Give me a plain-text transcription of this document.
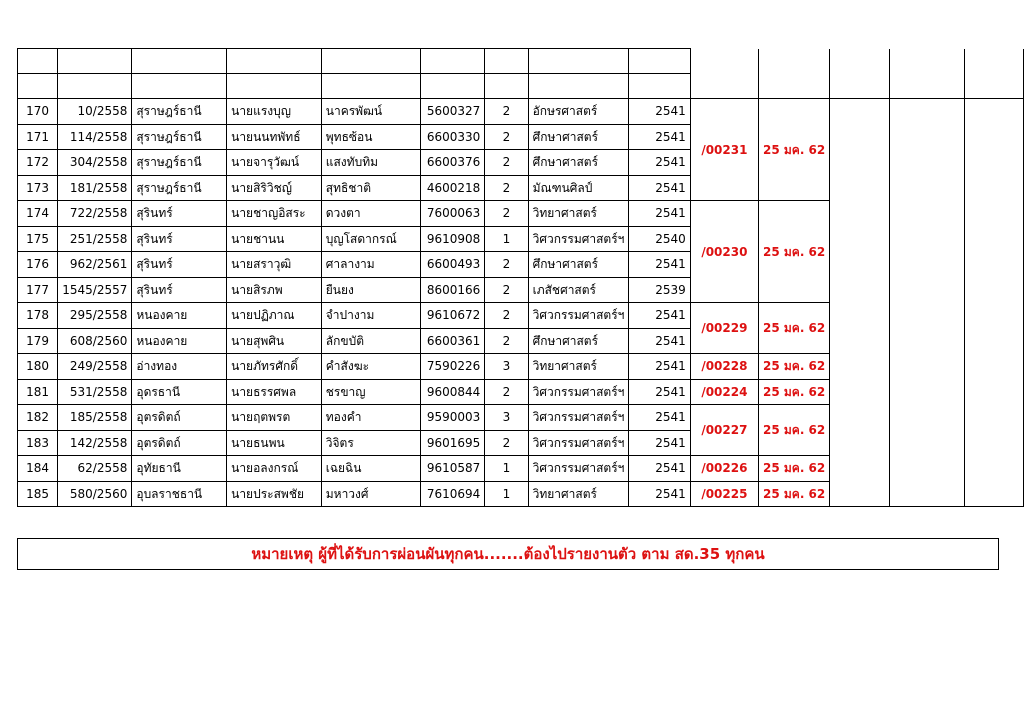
170	10/2558	สุราษฎร์ธานี	นายแรงบุญ	นาครพัฒน์	5600327	2	อักษรศาสตร์	2541	/00231	25 มค. 62			
171	114/2558	สุราษฎร์ธานี	นายนนทพัทธ์	พุทธซ้อน	6600330	2	ศึกษาศาสตร์	2541					
172	304/2558	สุราษฎร์ธานี	นายจารุวัฒน์	แสงทับทิม	6600376	2	ศึกษาศาสตร์	2541					
173	181/2558	สุราษฎร์ธานี	นายสิริวิชญ์	สุทธิชาติ	4600218	2	มัณฑนศิลป์	2541					
174	722/2558	สุรินทร์	นายชาญอิสระ	ดวงตา	7600063	2	วิทยาศาสตร์	2541	/00230	25 มค. 62			
175	251/2558	สุรินทร์	นายชานน	บุญโสดากรณ์	9610908	1	วิศวกรรมศาสตร์ฯ	2540					
176	962/2561	สุรินทร์	นายสราวุฒิ	ศาลางาม	6600493	2	ศึกษาศาสตร์	2541					
177	1545/2557	สุรินทร์	นายสิรภพ	ยืนยง	8600166	2	เภสัชศาสตร์	2539					
178	295/2558	หนองคาย	นายปฏิภาณ	จำปางาม	9610672	2	วิศวกรรมศาสตร์ฯ	2541	/00229	25 มค. 62			
179	608/2560	หนองคาย	นายสุพศิน	ลักขบัติ	6600361	2	ศึกษาศาสตร์	2541					
180	249/2558	อ่างทอง	นายภัทรศักดิ์	คำสังฆะ	7590226	3	วิทยาศาสตร์	2541	/00228	25 มค. 62			
181	531/2558	อุดรธานี	นายธรรศพล	ชรขาญ	9600844	2	วิศวกรรมศาสตร์ฯ	2541	/00224	25 มค. 62			
182	185/2558	อุตรดิตถ์	นายฤตพรต	ทองคำ	9590003	3	วิศวกรรมศาสตร์ฯ	2541	/00227	25 มค. 62			
183	142/2558	อุตรดิตถ์	นายธนพน	วิจิตร	9601695	2	วิศวกรรมศาสตร์ฯ	2541					
184	62/2558	อุทัยธานี	นายอลงกรณ์	เฉยฉิน	9610587	1	วิศวกรรมศาสตร์ฯ	2541	/00226	25 มค. 62			
185	580/2560	อุบลราชธานี	นายประสพชัย	มหาวงศ์	7610694	1	วิทยาศาสตร์	2541	/00225	25 มค. 62			
หมายเหตุ ผู้ที่ได้รับการผ่อนผันทุกคน.......ต้องไปรายงานตัว ตาม สด.35 ทุกคน
